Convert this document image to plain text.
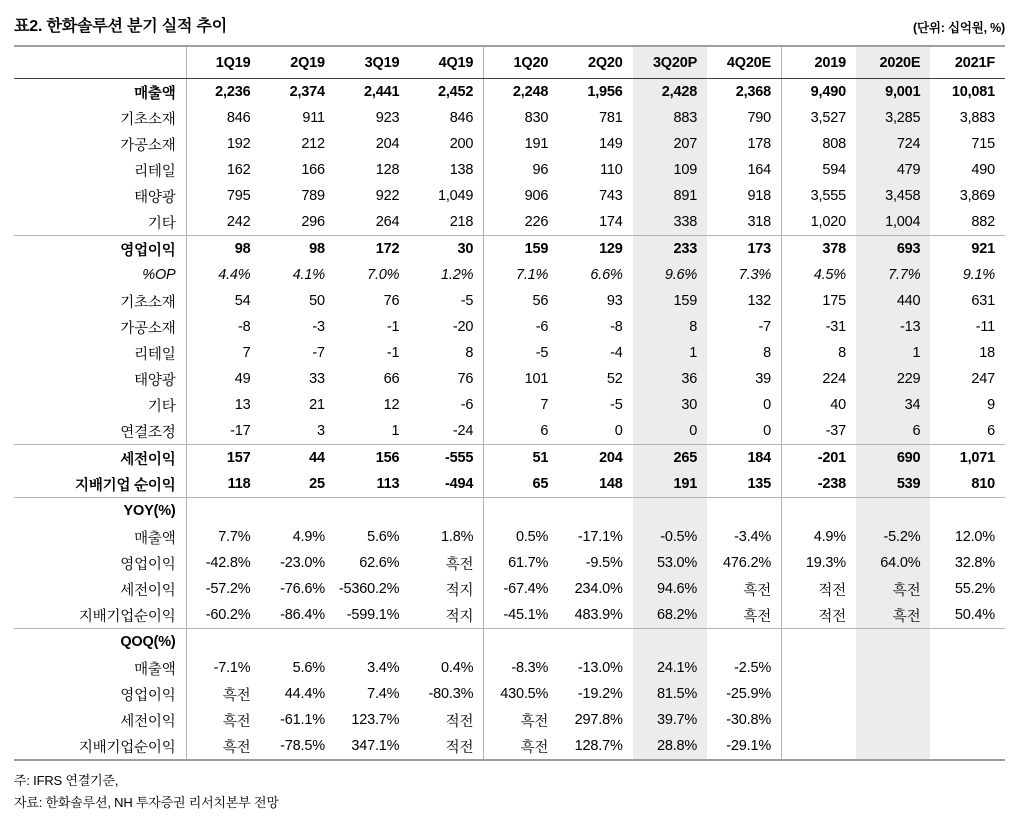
표2. 한화솔루션 분기 실적 추이	(단위: 십억원, %)
	1Q19	2Q19	3Q19	4Q19	1Q20	2Q20	3Q20P	4Q20E	2019	2020E	2021F
매출액	2,236	2,374	2,441	2,452	2,248	1,956	2,428	2,368	9,490	9,001	10,081
기초소재	846	911	923	846	830	781	883	790	3,527	3,285	3,883
가공소재	192	212	204	200	191	149	207	178	808	724	715
리테일	162	166	128	138	96	110	109	164	594	479	490
태양광	795	789	922	1,049	906	743	891	918	3,555	3,458	3,869
기타	242	296	264	218	226	174	338	318	1,020	1,004	882
영업이익	98	98	172	30	159	129	233	173	378	693	921
%OP	4.4%	4.1%	7.0%	1.2%	7.1%	6.6%	9.6%	7.3%	4.5%	7.7%	9.1%
기초소재	54	50	76	-5	56	93	159	132	175	440	631
가공소재	-8	-3	-1	-20	-6	-8	8	-7	-31	-13	-11
리테일	7	-7	-1	8	-5	-4	1	8	8	1	18
태양광	49	33	66	76	101	52	36	39	224	229	247
기타	13	21	12	-6	7	-5	30	0	40	34	9
연결조정	-17	3	1	-24	6	0	0	0	-37	6	6
세전이익	157	44	156	-555	51	204	265	184	-201	690	1,071
지배기업 순이익	118	25	113	-494	65	148	191	135	-238	539	810
YOY(%)											
매출액	7.7%	4.9%	5.6%	1.8%	0.5%	-17.1%	-0.5%	-3.4%	4.9%	-5.2%	12.0%
영업이익	-42.8%	-23.0%	62.6%	흑전	61.7%	-9.5%	53.0%	476.2%	19.3%	64.0%	32.8%
세전이익	-57.2%	-76.6%	-5360.2%	적지	-67.4%	234.0%	94.6%	흑전	적전	흑전	55.2%
지배기업순이익	-60.2%	-86.4%	-599.1%	적지	-45.1%	483.9%	68.2%	흑전	적전	흑전	50.4%
QOQ(%)											
매출액	-7.1%	5.6%	3.4%	0.4%	-8.3%	-13.0%	24.1%	-2.5%			
영업이익	흑전	44.4%	7.4%	-80.3%	430.5%	-19.2%	81.5%	-25.9%			
세전이익	흑전	-61.1%	123.7%	적전	흑전	297.8%	39.7%	-30.8%			
지배기업순이익	흑전	-78.5%	347.1%	적전	흑전	128.7%	28.8%	-29.1%			
주: IFRS 연결기준,
자료: 한화솔루션, NH 투자증권 리서치본부 전망
